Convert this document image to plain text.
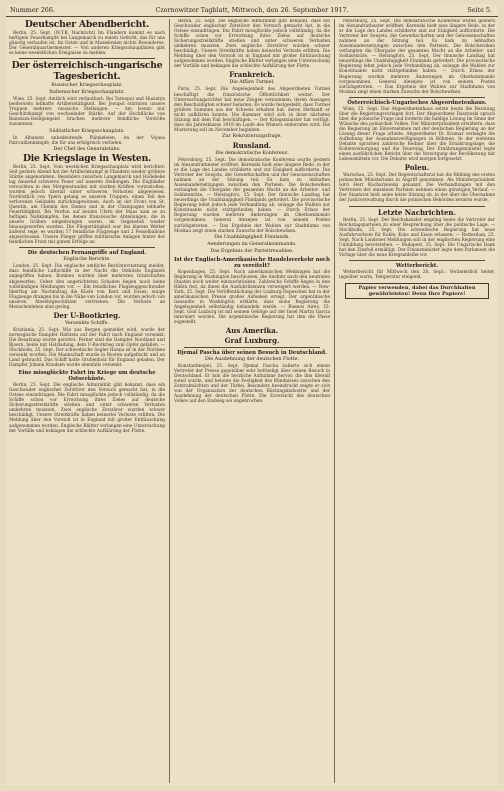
Nummer 266.	Czernowitzer Tagblatt, Mittwoch, den 26. September 1917.	Seite 5.
Deutscher Abendbericht.

Berlin, 25. Sept. (W.T.B. Nachricht) Im Flandern kommt es nach heftigem Feuerkampfe bei Langemarck zu einem Gefecht, das für uns günstig verlaufen ist. Im Osten und in Mazedonien nichts Besonderes. Der Generalquartiermeister. — Von anderen Kriegsschauplätzen gibt es keine wesentlichen Ereignisse zu melden.

Der österreichisch-ungarische
Tagesbericht.
Russischer Kriegsschauplatz.
Italienischer Kriegsschauplatz.

Wien, 25. Sept. Amtlich wird verlautbart: Bei Tarnopol und Husiatyn beiderseits lebhafte Artillerietätigkeit. Bei Jezupol stürmten unsere Truppen mehrere russische Stellungen. — Am Isonzo nur Geschützkampf von wechselnder Stärke. Auf der Hochfläche von Bainsizza-Heiligengeist brachen mehrere feindliche Vorstöße zusammen.

Südöstlicher Kriegsschauplatz.

In Albanien unbedeutende Plänkeleien. An der Vojusa Patrouillenkämpfe, die für uns erfolgreich verliefen.

Der Chef des Generalstabs.
Die Kriegslage in Westen.

Berlin, 25. Sept. Vom westlichen Kriegsschauplatz wird berichtet: Seit gestern Abend hat der Artilleriekampf in Flandern wieder größere Stärke angenommen. Besonders zwischen Langemarck und Hollebeke lag dauernd schweres Feuer auf unseren Stellungen. Die Engländer versuchten in den Morgenstunden mit starken Kräften vorzustoßen, wurden jedoch überall unter schweren Verlusten abgewiesen. Nordöstlich von Ypern gelang es unseren Truppen, einen Teil des verlorenen Geländes zurückzugewinnen. Auch an der Front von St. Quentin, am Chemin des Dames und in der Champagne lebhafte Feuertätigkeit. Bei Verdun auf beiden Ufern der Maas kam es zu heftigen Nahkämpfen, bei denen französische Abteilungen, die in unsere Gräben eingedrungen waren, im Gegenstoß wieder hinausgeworfen wurden. Die Fliegertätigkeit war bei klarem Wetter äußerst rege; es wurden 17 feindliche Flugzeuge und 2 Fesselballone abgeschossen. Unsere Flieger griffen militärische Anlagen hinter der feindlichen Front mit gutem Erfolge an.

Die deutschen Fernangriffe auf England.
Englische Berichte.

London, 25. Sept. Die englische amtliche Berichterstattung meldet, dass feindliche Luftschiffe in der Nacht die Ostküste Englands angegriffen haben. Bomben wurden über mehreren Grafschaften abgeworfen. Ueber den angerichteten Schaden liegen noch keine vollständigen Meldungen vor. — Ein feindliches Flugzeuggeschwader überflog am Nachmittag die Küste von Kent und Essex; einige Flugzeuge drangen bis in die Nähe von London vor, wurden jedoch von unseren Abwehrgeschützen vertrieben. Die Verluste an Menschenleben sind gering.

Der U-Bootkrieg.
Versenkte Schiffe.

Kristiania, 25. Sept. Wie aus Bergen gemeldet wird, wurde der norwegische Dampfer Hafstein auf der Fahrt nach England versenkt. Die Besatzung wurde gerettet. Ferner sind die Dampfer Nordland und Bjoern, beide mit Holzladung, dem U-Bootkrieg zum Opfer gefallen. — Stockholm, 25. Sept. Der schwedische Segler Hanna ist in der Nordsee versenkt worden. Die Mannschaft wurde in Booten aufgefischt und an Land gebracht. Das Schiff hatte Grubenholz für England geladen. Der Dampfer Johann Knudsen wurde ebenfalls versenkt.

Eine missglückte Fahrt im Kriege um deutsche Ostseeküste.

Berlin, 25. Sept. Die englische Admiralität gibt bekannt, dass ein Geschwader englischer Zerstörer den Versuch gemacht hat, in die Ostsee einzudringen. Die Fahrt missglückte jedoch vollständig, da die Schiffe schon vor Erreichung ihres Zieles auf deutsche Sicherungsstreitkräfte stießen und unter schweren Verlusten umkehren mussten. Zwei englische Zerstörer wurden schwer beschädigt. Unsere Streitkräfte haben keinerlei Verluste erlitten. Die Meldung über den Vorstoß ist in England mit großer Enttäuschung aufgenommen worden. Englische Blätter verlangen eine Untersuchung der Vorfälle und beklagen die schlechte Aufklärung der Flotte.

Berlin, 25. Sept. Die englische Admiralität gibt bekannt, dass ein Geschwader englischer Zerstörer den Versuch gemacht hat, in die Ostsee einzudringen. Die Fahrt missglückte jedoch vollständig, da die Schiffe schon vor Erreichung ihres Zieles auf deutsche Sicherungsstreitkräfte stießen und unter schweren Verlusten umkehren mussten. Zwei englische Zerstörer wurden schwer beschädigt. Unsere Streitkräfte haben keinerlei Verluste erlitten. Die Meldung über den Vorstoß ist in England mit großer Enttäuschung aufgenommen worden. Englische Blätter verlangen eine Untersuchung der Vorfälle und beklagen die schlechte Aufklärung der Flotte.

Frankreich.
Die Affäre Turmel.

Paris, 25. Sept. Die Angelegenheit des Abgeordneten Turmel beschäftigt die französische Öffentlichkeit weiter. Der Untersuchungsrichter hat neue Zeugen vernommen, deren Aussagen den Beschuldigten schwer belasten. Es wurde festgestellt, dass Turmel größere Summen aus der Schweiz erhalten hat, deren Herkunft er nicht aufklären konnte. Die Kammer wird sich in ihrer nächsten Sitzung mit dem Fall beschäftigen. — Der Kriegsminister hat verfügt, dass die Jahresklasse 1919 im Laufe des Winters einberufen wird. Die Musterung soll im November beginnen.

Zur Rekrutierungsfrage.
Russland.
Die demokratische Konferenz.

Petersburg, 25. Sept. Die demokratische Konferenz wurde gestern im Alexandratheater eröffnet. Kerenski hielt eine längere Rede, in der er die Lage des Landes schilderte und zur Einigkeit aufforderte. Die Vertreter der Sowjets, der Gewerkschaften und der Genossenschaften nahmen an der Sitzung teil. Es kam zu lebhaften Auseinandersetzungen zwischen den Parteien. Die Bolschewiken verlangten die Übergabe der gesamten Macht an die Arbeiter- und Soldatenräte. — Helsingfors, 25. Sept. Der finnische Landtag hat neuerdings die Unabhängigkeit Finnlands gefordert. Die provisorische Regierung lehnt jedoch jede Verhandlung ab, solange die Wahlen zur Konstituante nicht stattgefunden haben. — Durch Erlass der Regierung wurden mehrere Änderungen im Oberkommando vorgenommen. General Alexejew ist von seinem Posten zurückgetreten. — Das Ergebnis der Wahlen zur Stadtduma von Moskau zeigt einen starken Zuwachs der Bolschewiken.

Die Unabhängigkeit Finnlands.
Aenderungen im Generalkommando.
Das Ergebnis der Parteitreuahlen.
Ist der Englisch-Amerikanische Handelsverkehr noch zu vereitelt?

Kopenhagen, 25. Sept. Nach amerikanischen Meldungen hat die Regierung in Washington beschlossen, die Ausfuhr nach den neutralen Staaten noch weiter einzuschränken. Zahlreiche Schiffe liegen in den Häfen fest, da ihnen die Ausfuhrlizenzen verweigert werden. — New-York, 25. Sept. Die Veröffentlichung der Luxburg-Depeschen hat in der amerikanischen Presse großes Aufsehen erregt. Der argentinische Gesandte in Washington erklärte, dass seine Regierung die Angelegenheit selbständig behandeln werde. — Buenos Aires, 25. Sept. Graf Luxburg ist mit seinem Gefolge auf der Insel Martin Garcia interniert worden. Die argentinische Regierung hat ihm die Pässe zugestellt.

Aus Amerika.
Graf Luxburg.
Djemal Pascha über seinen Besuch in Deutschland.
Die Ausdehnung der deutschen Flotte.

Konstantinopel, 25. Sept. Djemal Pascha äußerte sich einem Vertreter der Presse gegenüber sehr befriedigt über seinen Besuch in Deutschland. Er hob die herzliche Aufnahme hervor, die ihm überall zuteil wurde, und betonte die Festigkeit des Bündnisses zwischen den Zentralmächten und der Türkei. Besonders beeindruckt zeigte er sich von der Organisation der deutschen Rüstungsindustrie und der Ausdehnung der deutschen Flotte. Die Zuversicht des deutschen Volkes auf den Endsieg sei ungebrochen.

Petersburg, 25. Sept. Die demokratische Konferenz wurde gestern im Alexandratheater eröffnet. Kerenski hielt eine längere Rede, in der er die Lage des Landes schilderte und zur Einigkeit aufforderte. Die Vertreter der Sowjets, der Gewerkschaften und der Genossenschaften nahmen an der Sitzung teil. Es kam zu lebhaften Auseinandersetzungen zwischen den Parteien. Die Bolschewiken verlangten die Übergabe der gesamten Macht an die Arbeiter- und Soldatenräte. — Helsingfors, 25. Sept. Der finnische Landtag hat neuerdings die Unabhängigkeit Finnlands gefordert. Die provisorische Regierung lehnt jedoch jede Verhandlung ab, solange die Wahlen zur Konstituante nicht stattgefunden haben. — Durch Erlass der Regierung wurden mehrere Änderungen im Oberkommando vorgenommen. General Alexejew ist von seinem Posten zurückgetreten. — Das Ergebnis der Wahlen zur Stadtduma von Moskau zeigt einen starken Zuwachs der Bolschewiken.

Österreichisch-Ungarisches Abgeordnetenhaus.

Wien, 25. Sept. Das Abgeordnetenhaus setzte heute die Beratung über die Regierungsvorlagen fort. Der Abgeordnete Daszynski sprach über die polnische Frage und forderte die baldige Lösung im Sinne der Wünsche des polnischen Volkes. Der Ministerpräsident erwiderte, dass die Regierung im Einvernehmen mit der deutschen Regierung an der Lösung dieser Frage arbeite. Abgeordneter Dr. Kramar verlangte die Aufhebung der Ausnahmsverfügungen in Böhmen. In der weiteren Debatte sprachen zahlreiche Redner über die Ernährungslage, die Kohlenversorgung und die Teuerung. Der Ernährungsminister legte einen ausführlichen Bericht über die Versorgung der Bevölkerung mit Lebensmitteln vor. Die Debatte wird morgen fortgesetzt.

Polen.

Warschau, 25. Sept. Der Regentschaftsrat hat die Bildung des ersten polnischen Ministeriums in Angriff genommen. Als Ministerpräsident wird Herr Kucharzewski genannt. Die Verhandlungen mit den Vertretern der einzelnen Parteien nehmen einen günstigen Verlauf. — Der Staatsrat hielt seine letzte Sitzung ab, in der über die Übernahme der Justizverwaltung durch die polnischen Behörden beraten wurde.

Letzte Nachrichten.

Berlin, 25. Sept. Der Reichskanzler empfing heute die Vertreter der Reichstagsparteien zu einer Besprechung über die politische Lage. — Stockholm, 25. Sept. Die schwedische Regierung hat neue Ausfuhrverbote für Kohle, Koks und Eisen erlassen. — Rotterdam, 25. Sept. Nach Londoner Meldungen soll in der englischen Regierung eine Umbildung bevorstehen. — Budapest, 25. Sept. Die Ungarische Bank hat den Zinsfuß ermäßigt. Der Finanzminister legte dem Parlament die Vorlage über die neue Kriegsanleihe vor.

Wetterbericht.

Wetterbericht für Mittwoch den 26. Sept.: Veränderlich heiter, tagsüber warm, Temperatur steigend.

Papier verwenden, dabei das Durchhalten gewährleisten! Denn Ihre Papiere!
